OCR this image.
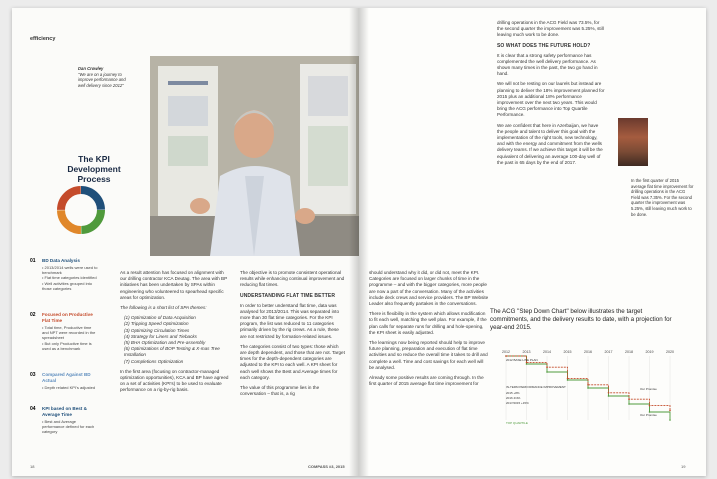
efficiency
Dan Crowley
"We are on a journey to improve performance and well delivery since 2012"
The KPI Development Process
01 BD Data Analysis
• 2013/2014 wells were used to benchmark
• Flat time categories identified
• Well activities grouped into those categories
02 Focused on Productive Flat Time
• Total time, Productive time and NPT were recorded in the spreadsheet
• But only Productive time is used as a benchmark
03 Compared Against BD Actual
• Depth related KPI's adjusted
04 KPI based on Best & Average Time
• Best and Average performance defined for each category

As a result attention has focused on alignment with our drilling contractor KCA Deutag. The area with BP initiatives has been undertaken by SPAs within engineering who volunteered to spearhead specific areas for optimization.

The following is a short list of SPA themes:

(1) Optimization of Data Acquisition
(2) Tripping Speed Optimization
(3) Optimizing Circulation Times
(4) Strategy for Liners and Tiebacks
(5) BHA Optimization and Pre-assembly
(6) Optimizations of BOP Testing & X-mas Tree Installation
(7) Completions Optimization

In the first area (focusing on contractor-managed optimization opportunities), KCA and BP have agreed on a set of activities (KPI's) to be used to evaluate performance on a rig-by-rig basis.

The objective is to promote consistent operational results while enhancing continual improvement and reducing flat times.

UNDERSTANDING FLAT TIME BETTER

In order to better understand flat time, data was analysed for 2013/2014. This was separated into more than 30 flat time categories. For the KPI program, the list was reduced to 11 categories primarily driven by the rig crews. As a rule, these are not restricted by formation-related issues.

The categories consist of two types: those which are depth dependent, and those that are not. Target times for the depth-dependent categories are adjusted to the KPI to each well. A KPI sheet for each well shows the Best and Average times for each category.

The value of this programme lies in the conversation – that is, a rig

18	COMPASS #3, 2015

drilling operations in the ACG Field was 73.5%, for the second quarter the improvement was 5.25%, still leaving much work to be done.

SO WHAT DOES THE FUTURE HOLD?

It is clear that a strong safety performance has complemented the well delivery performance. As shown many times in the past, the two go hand in hand.

We will not be resting on our laurels but instead are planning to deliver the 18% improvement planned for 2015 plus an additional 18% performance improvement over the next two years. This would bring the ACG performance into Top Quartile Performance.

We are confident that here in Azerbaijan, we have the people and talent to deliver this goal with the implementation of the right tools, new technology, and with the energy and commitment from the wells delivery teams. If we achieve this target it will be the equivalent of delivering an average 100-day well of the past in 65 days by the end of 2017.

should understand why it did, or did not, meet the KPI. Categories are focused on larger chunks of time in the programme – and with the bigger categories, more people are now a part of the conversation. Many of the activities include deck crews and service providers. The BP Website Leader also frequently partakes in the conversations.

There is flexibility in the system which allows modification to fit each well, matching the well plan. For example, if the plan calls for separate runs for drilling and hole-opening, the KPI sheet is easily adjusted.

The learnings now being reported should help to improve future planning, preparation and execution of flat time activities and so reduce the overall time it takes to drill and complete a well. Time and cost savings for each well will be analysed.

Already some positive results are coming through. In the first quarter of 2015 average flat time improvement for

In the first quarter of 2015 average flat time improvement for drilling operations in the ACG Field was 7.35%. For the second quarter the improvement was 5.25%, still leaving much work to be done.
19
The ACG "Step Down Chart" below illustrates the target commitments, and the delivery results to date, with a projection for year-end 2015.
2012	2013	2014	2015	2016	2017	2018	2019	2020
2012 BASE LINE PLAN
IN-TERM PERFORMANCE IMPROVEMENT
2015 +8%
2016 4/4%
2017/2015 +15%
Our Promise
Our Promise
TOP QUARTILE
